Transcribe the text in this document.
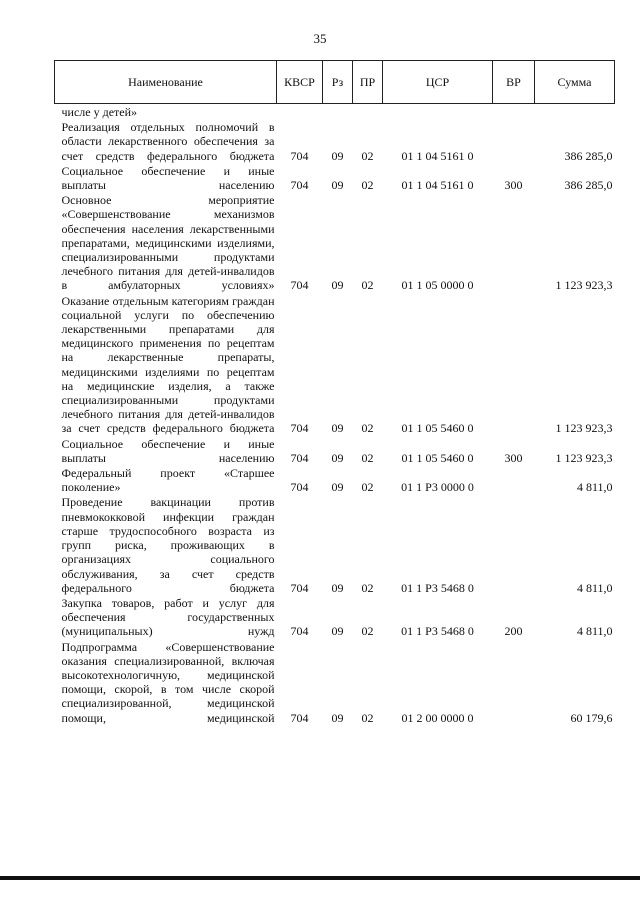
35
Наименование	КВСР	Рз	ПР	ЦСР	ВР	Сумма
числе у детей»						
Реализация отдельных полномочий в области лекарственного обеспечения за счет средств федерального бюджета	704	09	02	01 1 04 5161 0		386 285,0
Социальное обеспечение и иные выплаты населению	704	09	02	01 1 04 5161 0	300	386 285,0
Основное мероприятие «Совершенствование механизмов обеспечения населения лекарственными препаратами, медицинскими изделиями, специализированными продуктами лечебного питания для детей-инвалидов в амбулаторных условиях»	704	09	02	01 1 05 0000 0		1 123 923,3
Оказание отдельным категориям граждан социальной услуги по обеспечению лекарственными препаратами для медицинского применения по рецептам на лекарственные препараты, медицинскими изделиями по рецептам на медицинские изделия, а также специализированными продуктами лечебного питания для детей-инвалидов за счет средств федерального бюджета	704	09	02	01 1 05 5460 0		1 123 923,3
Социальное обеспечение и иные выплаты населению	704	09	02	01 1 05 5460 0	300	1 123 923,3
Федеральный проект «Старшее поколение»	704	09	02	01 1 P3 0000 0		4 811,0
Проведение вакцинации против пневмококковой инфекции граждан старше трудоспособного возраста из групп риска, проживающих в организациях социального обслуживания, за счет средств федерального бюджета	704	09	02	01 1 P3 5468 0		4 811,0
Закупка товаров, работ и услуг для обеспечения государственных (муниципальных) нужд	704	09	02	01 1 P3 5468 0	200	4 811,0
Подпрограмма «Совершенствование оказания специализированной, включая высокотехнологичную, медицинской помощи, скорой, в том числе скорой специализированной, медицинской помощи, медицинской	704	09	02	01 2 00 0000 0		60 179,6
